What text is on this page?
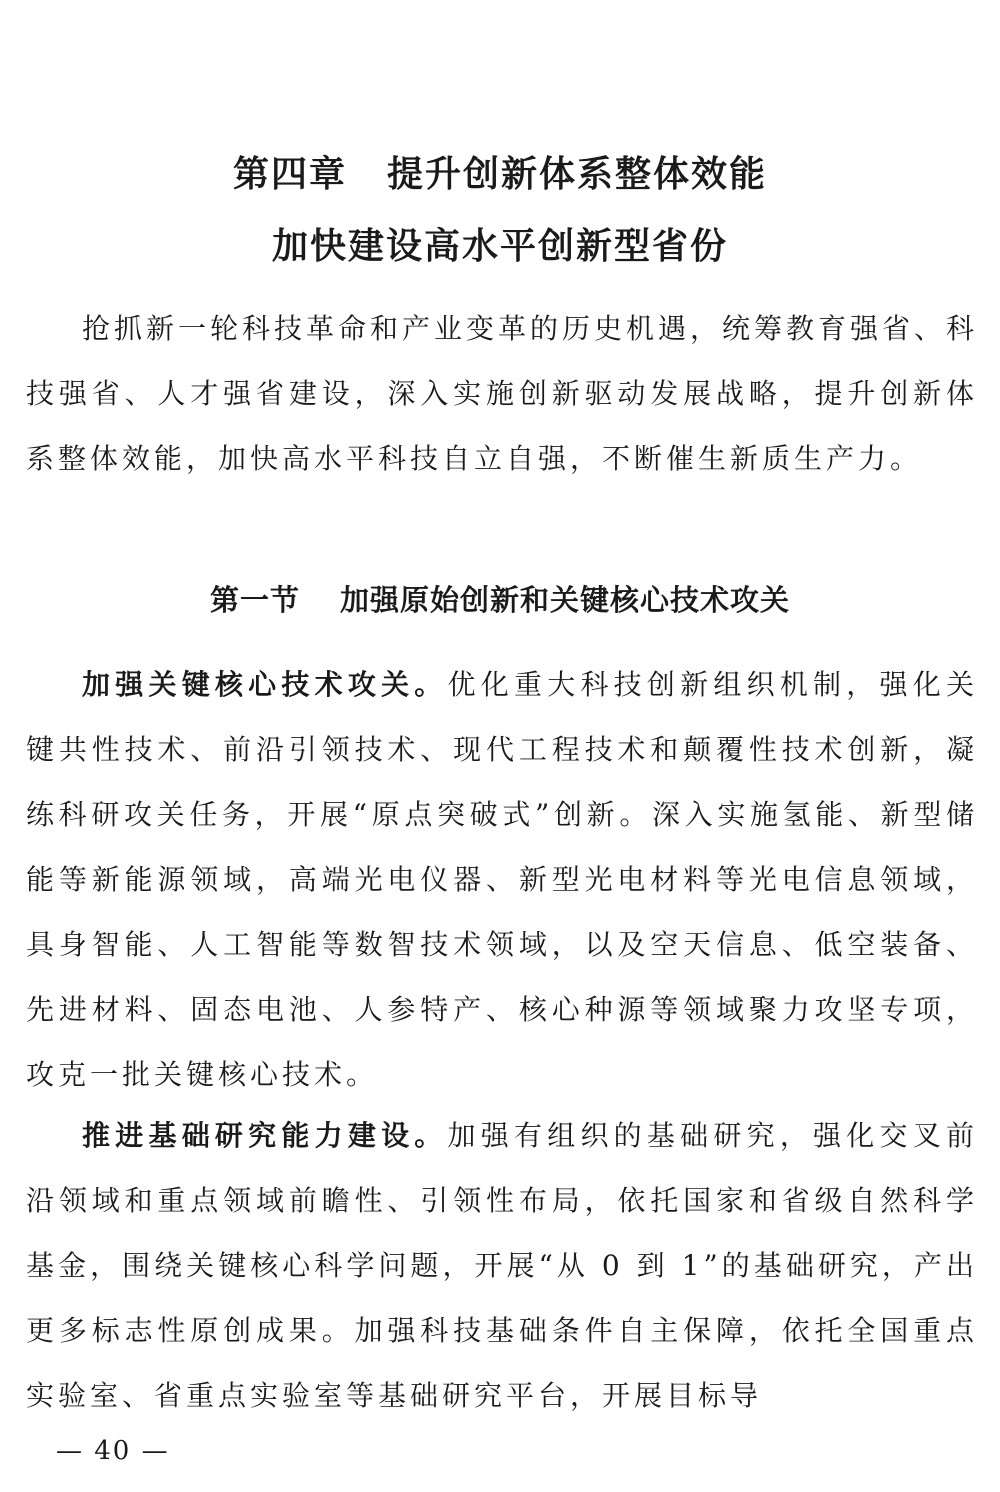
第四章 提升创新体系整体效能
加快建设高水平创新型省份

抢抓新一轮科技革命和产业变革的历史机遇，统筹教育强省、科技强省、人才强省建设，深入实施创新驱动发展战略，提升创新体系整体效能，加快高水平科技自立自强，不断催生新质生产力。

第一节 加强原始创新和关键核心技术攻关

加强关键核心技术攻关。优化重大科技创新组织机制，强化关键共性技术、前沿引领技术、现代工程技术和颠覆性技术创新，凝练科研攻关任务，开展“原点突破式”创新。深入实施氢能、新型储能等新能源领域，高端光电仪器、新型光电材料等光电信息领域，具身智能、人工智能等数智技术领域，以及空天信息、低空装备、先进材料、固态电池、人参特产、核心种源等领域聚力攻坚专项，攻克一批关键核心技术。

推进基础研究能力建设。加强有组织的基础研究，强化交叉前沿领域和重点领域前瞻性、引领性布局，依托国家和省级自然科学基金，围绕关键核心科学问题，开展“从 0 到 1”的基础研究，产出更多标志性原创成果。加强科技基础条件自主保障，依托全国重点实验室、省重点实验室等基础研究平台，开展目标导

— 40 —
